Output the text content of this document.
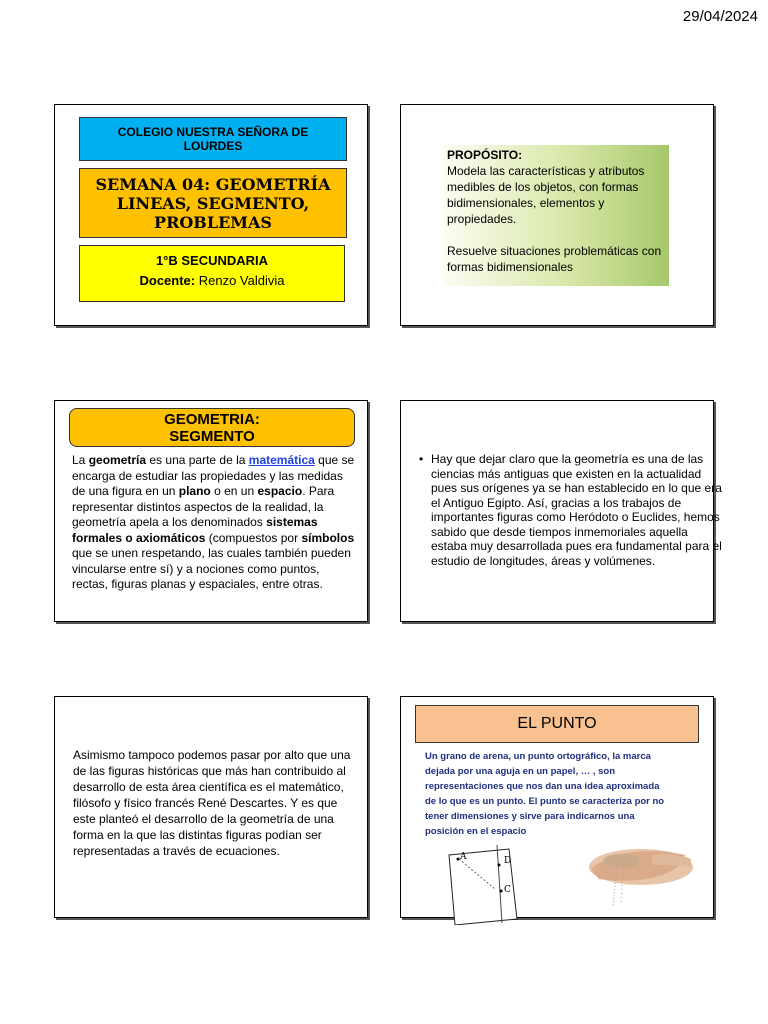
29/04/2024
COLEGIO NUESTRA SEÑORA DE LOURDES
SEMANA 04: GEOMETRÍA LINEAS, SEGMENTO, PROBLEMAS
1°B SECUNDARIA
Docente: Renzo Valdivia
PROPÓSITO:
Modela las características y atributos medibles de los objetos, con formas bidimensionales, elementos y propiedades.
Resuelve situaciones problemáticas con formas bidimensionales
GEOMETRIA:
SEGMENTO
La geometría es una parte de la matemática que se encarga de estudiar las propiedades y las medidas de una figura en un plano o en un espacio. Para representar distintos aspectos de la realidad, la geometría apela a los denominados sistemas formales o axiomáticos (compuestos por símbolos que se unen respetando, las cuales también pueden vincularse entre sí) y a nociones como puntos, rectas, figuras planas y espaciales, entre otras.
• Hay que dejar claro que la geometría es una de las ciencias más antiguas que existen en la actualidad pues sus orígenes ya se han establecido en lo que era el Antiguo Egipto. Así, gracias a los trabajos de importantes figuras como Heródoto o Euclides, hemos sabido que desde tiempos inmemoriales aquella estaba muy desarrollada pues era fundamental para el estudio de longitudes, áreas y volúmenes.
Asimismo tampoco podemos pasar por alto que una de las figuras históricas que más han contribuido al desarrollo de esta área científica es el matemático, filósofo y físico francés René Descartes. Y es que este planteó el desarrollo de la geometría de una forma en la que las distintas figuras podían ser representadas a través de ecuaciones.
EL PUNTO
Un grano de arena, un punto ortográfico, la marca dejada por una aguja en un papel, … , son representaciones que nos dan una idea aproximada de lo que es un punto. El punto se caracteriza por no tener dimensiones y sirve para indicarnos una posición en el espacio
A	D
C
